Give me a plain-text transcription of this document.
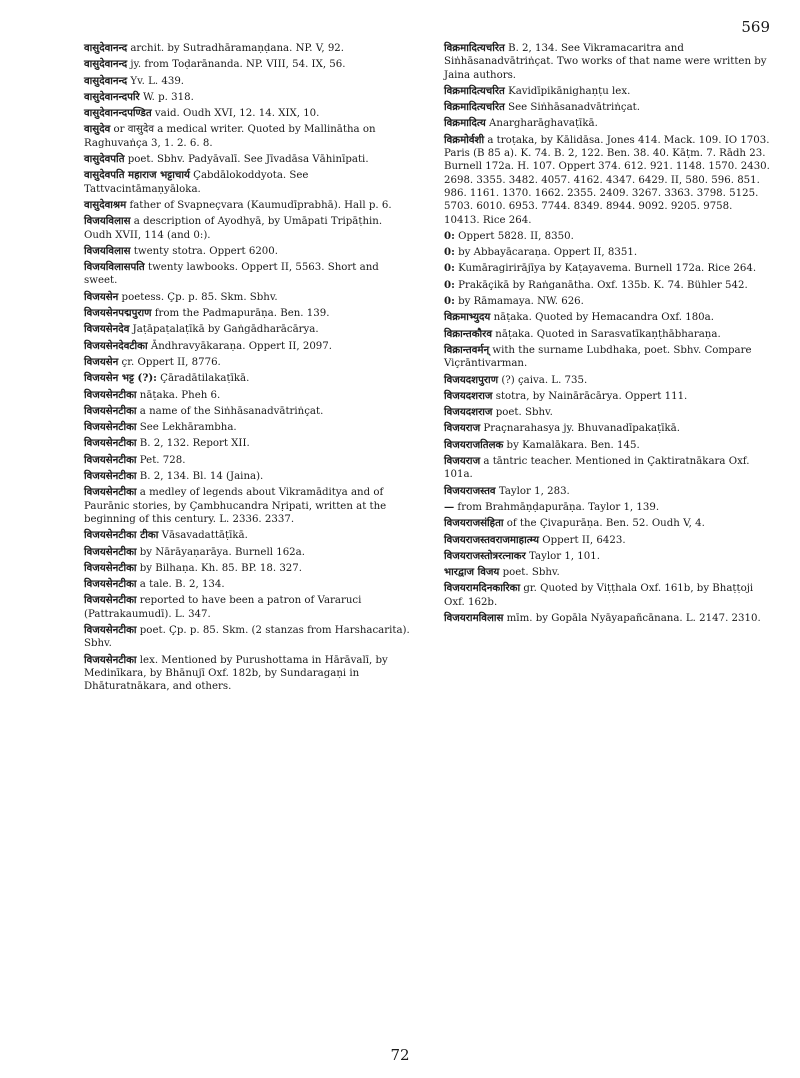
569

वासुदेवानन्द archit. by Sutradhāramaṇḍana. NP. V, 92.

वासुदेवानन्द jy. from Toḍarānanda. NP. VIII, 54. IX, 56.

वासुदेवानन्द Yv. L. 439.

वासुदेवानन्दपरि W. p. 318.

वासुदेवानन्दपण्डित vaid. Oudh XVI, 12. 14. XIX, 10.

वासुदेव or वासुदेव a medical writer. Quoted by Mallinātha on Raghuvaṅça 3, 1. 2. 6. 8.

वासुदेवपति poet. Sbhv. Padyāvalī. See Jīvadāsa Vāhinīpati.

वासुदेवपति महाराज भट्टाचार्य Çabdālokoddyota. See Tattvacintāmaṇyāloka.

वासुदेवाश्रम father of Svapneçvara (Kaumudīprabhā). Hall p. 6.

विजयविलास a description of Ayodhyā, by Umāpati Tripāṭhin. Oudh XVII, 114 (and 0:).

विजयविलास twenty stotra. Oppert 6200.

विजयविलासपति twenty lawbooks. Oppert II, 5563. Short and sweet.

विजयसेन poetess. Çp. p. 85. Skm. Sbhv.

विजयसेनपद्मपुराण from the Padmapurāṇa. Ben. 139.

विजयसेनदेव Jaṭāpaṭalaṭīkā by Gaṅgādharācārya.

विजयसेनदेवटीका Āndhravyākaraṇa. Oppert II, 2097.

विजयसेन çr. Oppert II, 8776.

विजयसेन भट्ट (?): Çāradātilakaṭīkā.

विजयसेनटीका nāṭaka. Pheh 6.

विजयसेनटीका a name of the Siṅhāsanadvātriṅçat.

विजयसेनटीका See Lekhārambha.

विजयसेनटीका B. 2, 132. Report XII.

विजयसेनटीका Pet. 728.

विजयसेनटीका B. 2, 134. Bl. 14 (Jaina).

विजयसेनटीका a medley of legends about Vikramāditya and of Paurānic stories, by Çambhucandra Nṛipati, written at the beginning of this century. L. 2336. 2337.

विजयसेनटीका टीका Vāsavadattāṭīkā.

विजयसेनटीका by Nārāyaṇarāya. Burnell 162a.

विजयसेनटीका by Bilhaṇa. Kh. 85. BP. 18. 327.

विजयसेनटीका a tale. B. 2, 134.

विजयसेनटीका reported to have been a patron of Vararuci (Pattrakaumudī). L. 347.

विजयसेनटीका poet. Çp. p. 85. Skm. (2 stanzas from Harshacarita). Sbhv.

विजयसेनटीका lex. Mentioned by Purushottama in Hārāvalī, by Medinīkara, by Bhānujī Oxf. 182b, by Sundaragaṇi in Dhāturatnākara, and others.

विक्रमादित्यचरित B. 2, 134. See Vikramacaritra and Siṅhāsanadvātriṅçat. Two works of that name were written by Jaina authors.

विक्रमादित्यचरित Kavidīpikānighaṇṭu lex.

विक्रमादित्यचरित See Siṅhāsanadvātriṅçat.

विक्रमादित्य Anargharāghavaṭīkā.

विक्रमोर्वशी a troṭaka, by Kālidāsa. Jones 414. Mack. 109. IO 1703. Paris (B 85 a). K. 74. B. 2, 122. Ben. 38. 40. Kāṭm. 7. Rādh 23. Burnell 172a. H. 107. Oppert 374. 612. 921. 1148. 1570. 2430. 2698. 3355. 3482. 4057. 4162. 4347. 6429. II, 580. 596. 851. 986. 1161. 1370. 1662. 2355. 2409. 3267. 3363. 3798. 5125. 5703. 6010. 6953. 7744. 8349. 8944. 9092. 9205. 9758. 10413. Rice 264.

0: Oppert 5828. II, 8350.

0: by Abbayācaraṇa. Oppert II, 8351.

0: Kumāragirirājīya by Kaṭayavema. Burnell 172a. Rice 264.

0: Prakāçikā by Raṅganātha. Oxf. 135b. K. 74. Bühler 542.

0: by Rāmamaya. NW. 626.

विक्रमाभ्युदय nāṭaka. Quoted by Hemacandra Oxf. 180a.

विक्रान्तकौरव nāṭaka. Quoted in Sarasvatīkaṇṭhābharaṇa.

विक्रान्तवर्मन् with the surname Lubdhaka, poet. Sbhv. Compare Viçrāntivarman.

विजयदशपुराण (?) çaiva. L. 735.

विजयदशराज stotra, by Nainārācārya. Oppert 111.

विजयदशराज poet. Sbhv.

विजयराज Praçnarahasya jy. Bhuvanadīpakaṭīkā.

विजयराजतिलक by Kamalākara. Ben. 145.

विजयराज a tāntric teacher. Mentioned in Çaktiratnākara Oxf. 101a.

विजयराजस्तव Taylor 1, 283.

— from Brahmāṇḍapurāṇa. Taylor 1, 139.

विजयराजसंहिता of the Çivapurāṇa. Ben. 52. Oudh V, 4.

विजयराजस्तवराजमाहात्म्य Oppert II, 6423.

विजयराजस्तोत्ररत्नाकर Taylor 1, 101.

भारद्वाज विजय poet. Sbhv.

विजयरामदिनकारिका gr. Quoted by Viṭṭhala Oxf. 161b, by Bhaṭṭoji Oxf. 162b.

विजयरामविलास mīm. by Gopāla Nyāyapañcānana. L. 2147. 2310.

72
